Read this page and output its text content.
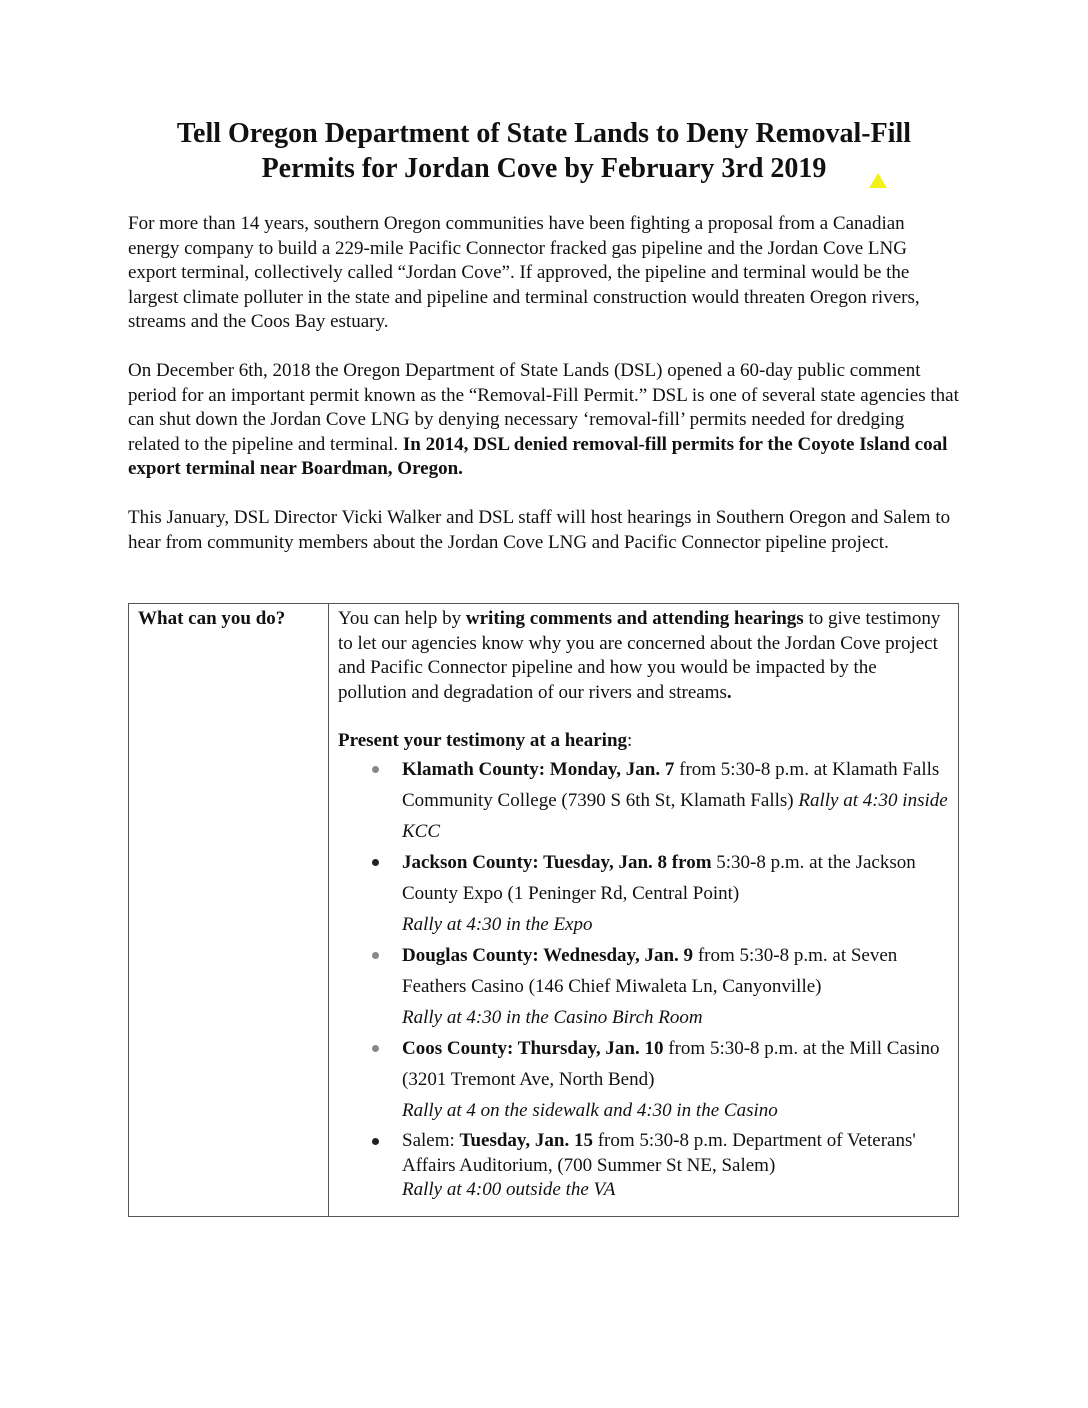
Tell Oregon Department of State Lands to Deny Removal-Fill Permits for Jordan Cove by February 3rd 2019

For more than 14 years, southern Oregon communities have been fighting a proposal from a Canadian energy company to build a 229-mile Pacific Connector fracked gas pipeline and the Jordan Cove LNG export terminal, collectively called “Jordan Cove”. If approved, the pipeline and terminal would be the largest climate polluter in the state and pipeline and terminal construction would threaten Oregon rivers, streams and the Coos Bay estuary.

On December 6th, 2018 the Oregon Department of State Lands (DSL) opened a 60-day public comment period for an important permit known as the “Removal-Fill Permit.” DSL is one of several state agencies that can shut down the Jordan Cove LNG by denying necessary ‘removal-fill’ permits needed for dredging related to the pipeline and terminal. In 2014, DSL denied removal-fill permits for the Coyote Island coal export terminal near Boardman, Oregon.

This January, DSL Director Vicki Walker and DSL staff will host hearings in Southern Oregon and Salem to hear from community members about the Jordan Cove LNG and Pacific Connector pipeline project.

What can you do?	You can help by writing comments and attending hearings to give testimony to let our agencies know why you are concerned about the Jordan Cove project and Pacific Connector pipeline and how you would be impacted by the pollution and degradation of our rivers and streams.

Present your testimony at a hearing:

Klamath County: Monday, Jan. 7 from 5:30-8 p.m. at Klamath Falls Community College (7390 S 6th St, Klamath Falls) Rally at 4:30 inside KCC
Jackson County: Tuesday, Jan. 8 from 5:30-8 p.m. at the Jackson County Expo (1 Peninger Rd, Central Point)
Rally at 4:30 in the Expo
Douglas County: Wednesday, Jan. 9 from 5:30-8 p.m. at Seven Feathers Casino (146 Chief Miwaleta Ln, Canyonville)
Rally at 4:30 in the Casino Birch Room
Coos County: Thursday, Jan. 10 from 5:30-8 p.m. at the Mill Casino (3201 Tremont Ave, North Bend)
Rally at 4 on the sidewalk and 4:30 in the Casino
Salem: Tuesday, Jan. 15 from 5:30-8 p.m. Department of Veterans' Affairs Auditorium, (700 Summer St NE, Salem)
Rally at 4:00 outside the VA
